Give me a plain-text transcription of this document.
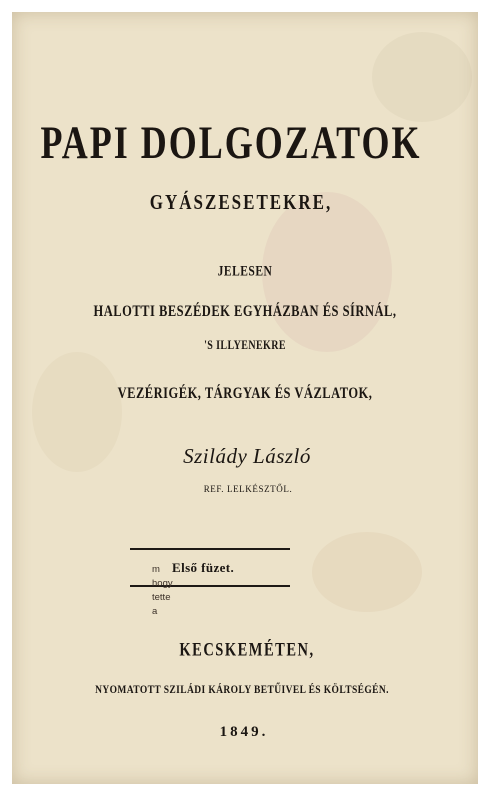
PAPI DOLGOZATOK
GYÁSZESETEKRE,
JELESEN
HALOTTI BESZÉDEK EGYHÁZBAN ÉS SÍRNÁL,
'S ILLYENEKRE
VEZÉRIGÉK, TÁRGYAK ÉS VÁZLATOK,
Szilády László
REF. LELKÉSZTŐL.
Első füzet.
m
hogy
tette
a
KECSKEMÉTEN,
NYOMATOTT SZILÁDI KÁROLY BETŰIVEL ÉS KÖLTSÉGÉN.
1849.
